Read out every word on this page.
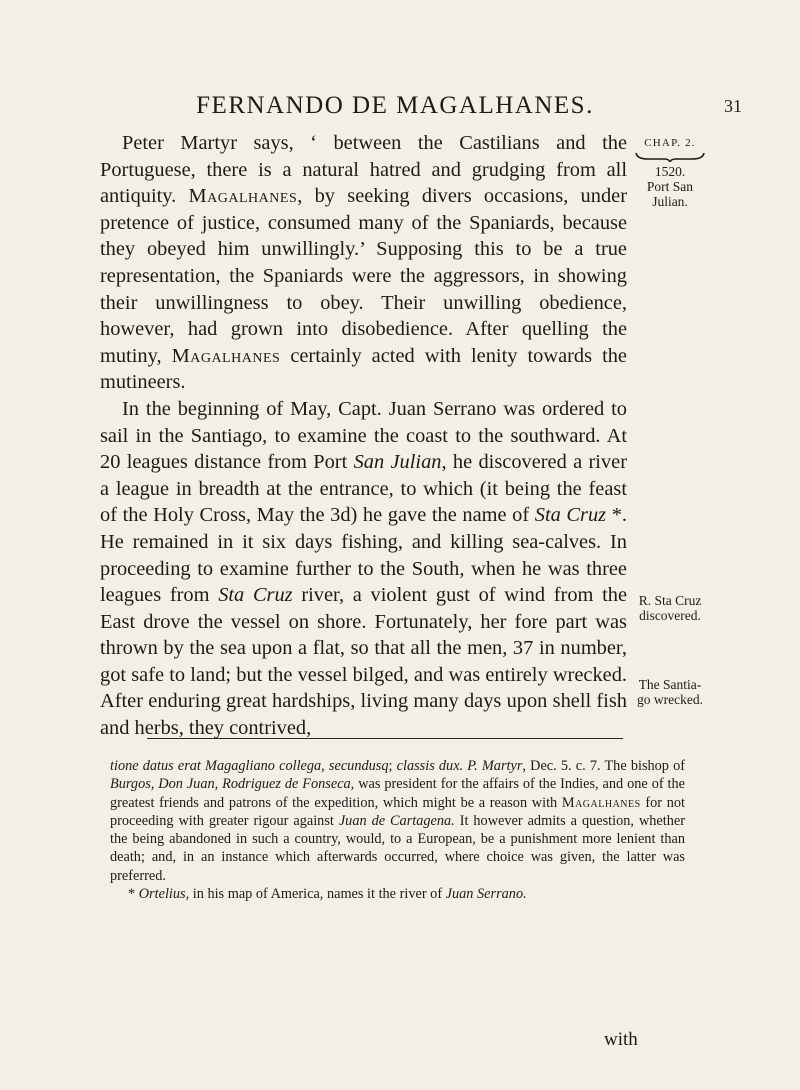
FERNANDO DE MAGALHANES.	31
CHAP. 2.
1520.
Port San
Julian.
R. Sta Cruz
discovered.
The Santia-
go wrecked.

Peter Martyr says, ‘ between the Castilians and the Portuguese, there is a natural hatred and grudging from all antiquity. Magalhanes, by seeking divers occasions, under pretence of justice, consumed many of the Spaniards, because they obeyed him unwillingly.’ Supposing this to be a true representation, the Spaniards were the aggressors, in showing their unwillingness to obey. Their unwilling obedience, however, had grown into disobedience. After quelling the mutiny, Magalhanes certainly acted with lenity towards the mutineers.

In the beginning of May, Capt. Juan Serrano was ordered to sail in the Santiago, to examine the coast to the southward. At 20 leagues distance from Port San Julian, he discovered a river a league in breadth at the entrance, to which (it being the feast of the Holy Cross, May the 3d) he gave the name of Sta Cruz *. He remained in it six days fishing, and killing sea-calves. In proceeding to examine further to the South, when he was three leagues from Sta Cruz river, a violent gust of wind from the East drove the vessel on shore. Fortunately, her fore part was thrown by the sea upon a flat, so that all the men, 37 in number, got safe to land; but the vessel bilged, and was entirely wrecked. After enduring great hardships, living many days upon shell fish and herbs, they contrived,

tione datus erat Magagliano collega, secundusq; classis dux. P. Martyr, Dec. 5. c. 7. The bishop of Burgos, Don Juan, Rodriguez de Fonseca, was president for the affairs of the Indies, and one of the greatest friends and patrons of the expedition, which might be a reason with Magalhanes for not proceeding with greater rigour against Juan de Cartagena. It however admits a question, whether the being abandoned in such a country, would, to a European, be a punishment more lenient than death; and, in an instance which afterwards occurred, where choice was given, the latter was preferred.

* Ortelius, in his map of America, names it the river of Juan Serrano.

with
